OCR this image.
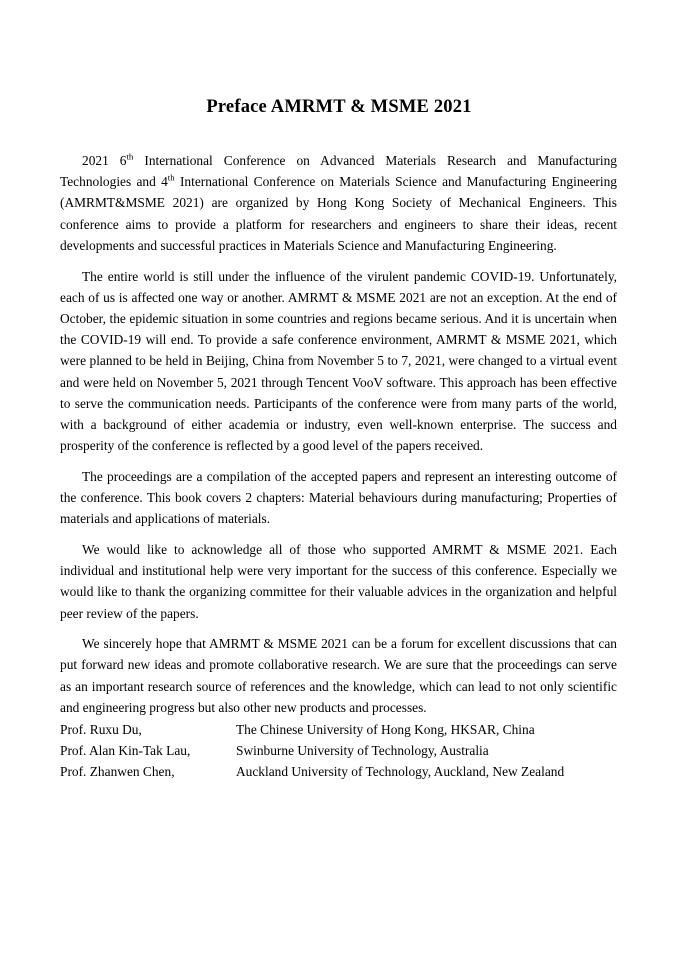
Preface AMRMT & MSME 2021

2021 6th International Conference on Advanced Materials Research and Manufacturing Technologies and 4th International Conference on Materials Science and Manufacturing Engineering (AMRMT&MSME 2021) are organized by Hong Kong Society of Mechanical Engineers. This conference aims to provide a platform for researchers and engineers to share their ideas, recent developments and successful practices in Materials Science and Manufacturing Engineering.

The entire world is still under the influence of the virulent pandemic COVID-19. Unfortunately, each of us is affected one way or another. AMRMT & MSME 2021 are not an exception. At the end of October, the epidemic situation in some countries and regions became serious. And it is uncertain when the COVID-19 will end. To provide a safe conference environment, AMRMT & MSME 2021, which were planned to be held in Beijing, China from November 5 to 7, 2021, were changed to a virtual event and were held on November 5, 2021 through Tencent VooV software. This approach has been effective to serve the communication needs. Participants of the conference were from many parts of the world, with a background of either academia or industry, even well-known enterprise. The success and prosperity of the conference is reflected by a good level of the papers received.

The proceedings are a compilation of the accepted papers and represent an interesting outcome of the conference. This book covers 2 chapters: Material behaviours during manufacturing; Properties of materials and applications of materials.

We would like to acknowledge all of those who supported AMRMT & MSME 2021. Each individual and institutional help were very important for the success of this conference. Especially we would like to thank the organizing committee for their valuable advices in the organization and helpful peer review of the papers.

We sincerely hope that AMRMT & MSME 2021 can be a forum for excellent discussions that can put forward new ideas and promote collaborative research. We are sure that the proceedings can serve as an important research source of references and the knowledge, which can lead to not only scientific and engineering progress but also other new products and processes.

Prof. Ruxu Du,	The Chinese University of Hong Kong, HKSAR, China
Prof. Alan Kin-Tak Lau,	Swinburne University of Technology, Australia
Prof. Zhanwen Chen,	Auckland University of Technology, Auckland, New Zealand
